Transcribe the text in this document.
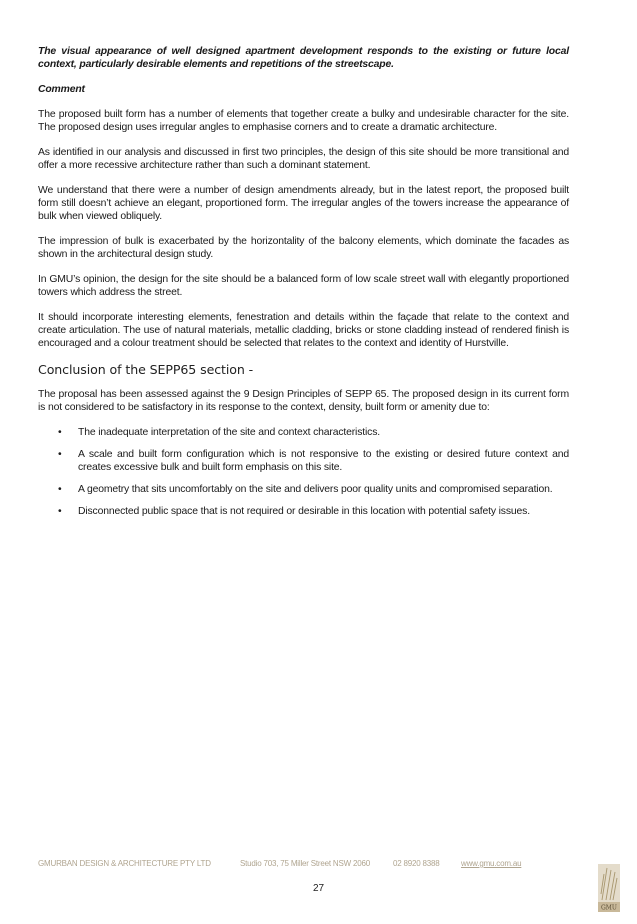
The visual appearance of well designed apartment development responds to the existing or future local context, particularly desirable elements and repetitions of the streetscape.

Comment

The proposed built form has a number of elements that together create a bulky and undesirable character for the site. The proposed design uses irregular angles to emphasise corners and to create a dramatic architecture.

As identified in our analysis and discussed in first two principles, the design of this site should be more transitional and offer a more recessive architecture rather than such a dominant statement.

We understand that there were a number of design amendments already, but in the latest report, the proposed built form still doesn’t achieve an elegant, proportioned form. The irregular angles of the towers increase the appearance of bulk when viewed obliquely.

The impression of bulk is exacerbated by the horizontality of the balcony elements, which dominate the facades as shown in the architectural design study.

In GMU’s opinion, the design for the site should be a balanced form of low scale street wall with elegantly proportioned towers which address the street.

It should incorporate interesting elements, fenestration and details within the façade that relate to the context and create articulation. The use of natural materials, metallic cladding, bricks or stone cladding instead of rendered finish is encouraged and a colour treatment should be selected that relates to the context and identity of Hurstville.

Conclusion of the SEPP65 section -

The proposal has been assessed against the 9 Design Principles of SEPP 65. The proposed design in its current form is not considered to be satisfactory in its response to the context, density, built form or amenity due to:

• The inadequate interpretation of the site and context characteristics.
• A scale and built form configuration which is not responsive to the existing or desired future context and creates excessive bulk and built form emphasis on this site.
• A geometry that sits uncomfortably on the site and delivers poor quality units and compromised separation.
• Disconnected public space that is not required or desirable in this location with potential safety issues.
GMURBAN DESIGN & ARCHITECTURE PTY LTD	Studio 703, 75 Miller Street NSW 2060	02 8920 8388	www.gmu.com.au
27
GMU
